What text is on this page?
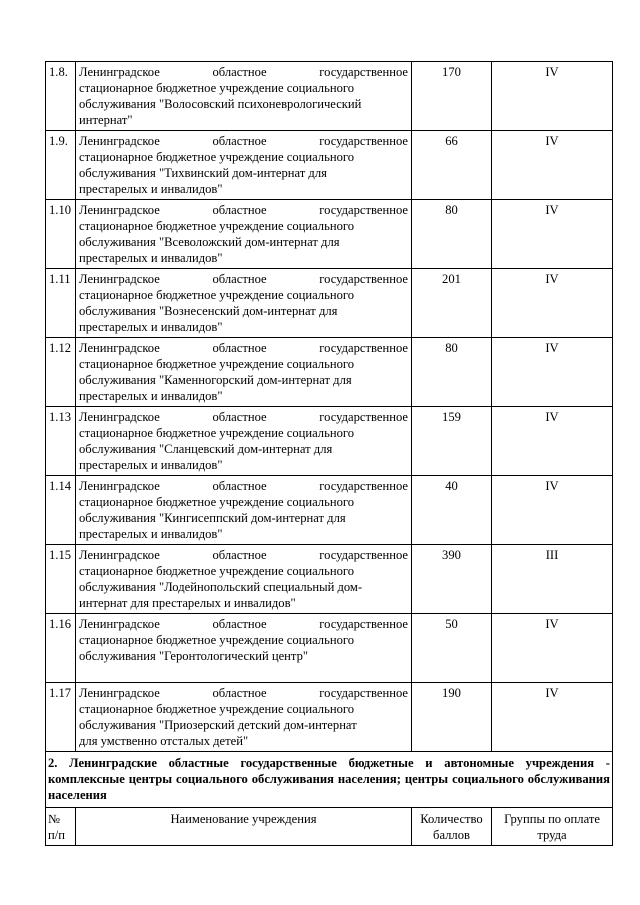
1.8.	Ленинградское областное государственное
стационарное бюджетное учреждение социального
обслуживания "Волосовский психоневрологический
интернат"	170	IV
1.9.	Ленинградское областное государственное
стационарное бюджетное учреждение социального
обслуживания "Тихвинский дом-интернат для
престарелых и инвалидов"	66	IV
1.10	Ленинградское областное государственное
стационарное бюджетное учреждение социального
обслуживания "Всеволожский дом-интернат для
престарелых и инвалидов"	80	IV
1.11	Ленинградское областное государственное
стационарное бюджетное учреждение социального
обслуживания "Вознесенский дом-интернат для
престарелых и инвалидов"	201	IV
1.12	Ленинградское областное государственное
стационарное бюджетное учреждение социального
обслуживания "Каменногорский дом-интернат для
престарелых и инвалидов"	80	IV
1.13	Ленинградское областное государственное
стационарное бюджетное учреждение социального
обслуживания "Сланцевский дом-интернат для
престарелых и инвалидов"	159	IV
1.14	Ленинградское областное государственное
стационарное бюджетное учреждение социального
обслуживания "Кингисеппский дом-интернат для
престарелых и инвалидов"	40	IV
1.15	Ленинградское областное государственное
стационарное бюджетное учреждение социального
обслуживания "Лодейнопольский специальный дом-
интернат для престарелых и инвалидов"	390	III
1.16	Ленинградское областное государственное
стационарное бюджетное учреждение социального
обслуживания "Геронтологический центр"	50	IV
1.17	Ленинградское областное государственное
стационарное бюджетное учреждение социального
обслуживания "Приозерский детский дом-интернат
для умственно отсталых детей"	190	IV
2. Ленинградские областные государственные бюджетные и автономные учреждения - комплексные центры социального обслуживания населения; центры социального обслуживания населения			
№ п/п	Наименование учреждения	Количество баллов	Группы по оплате труда
